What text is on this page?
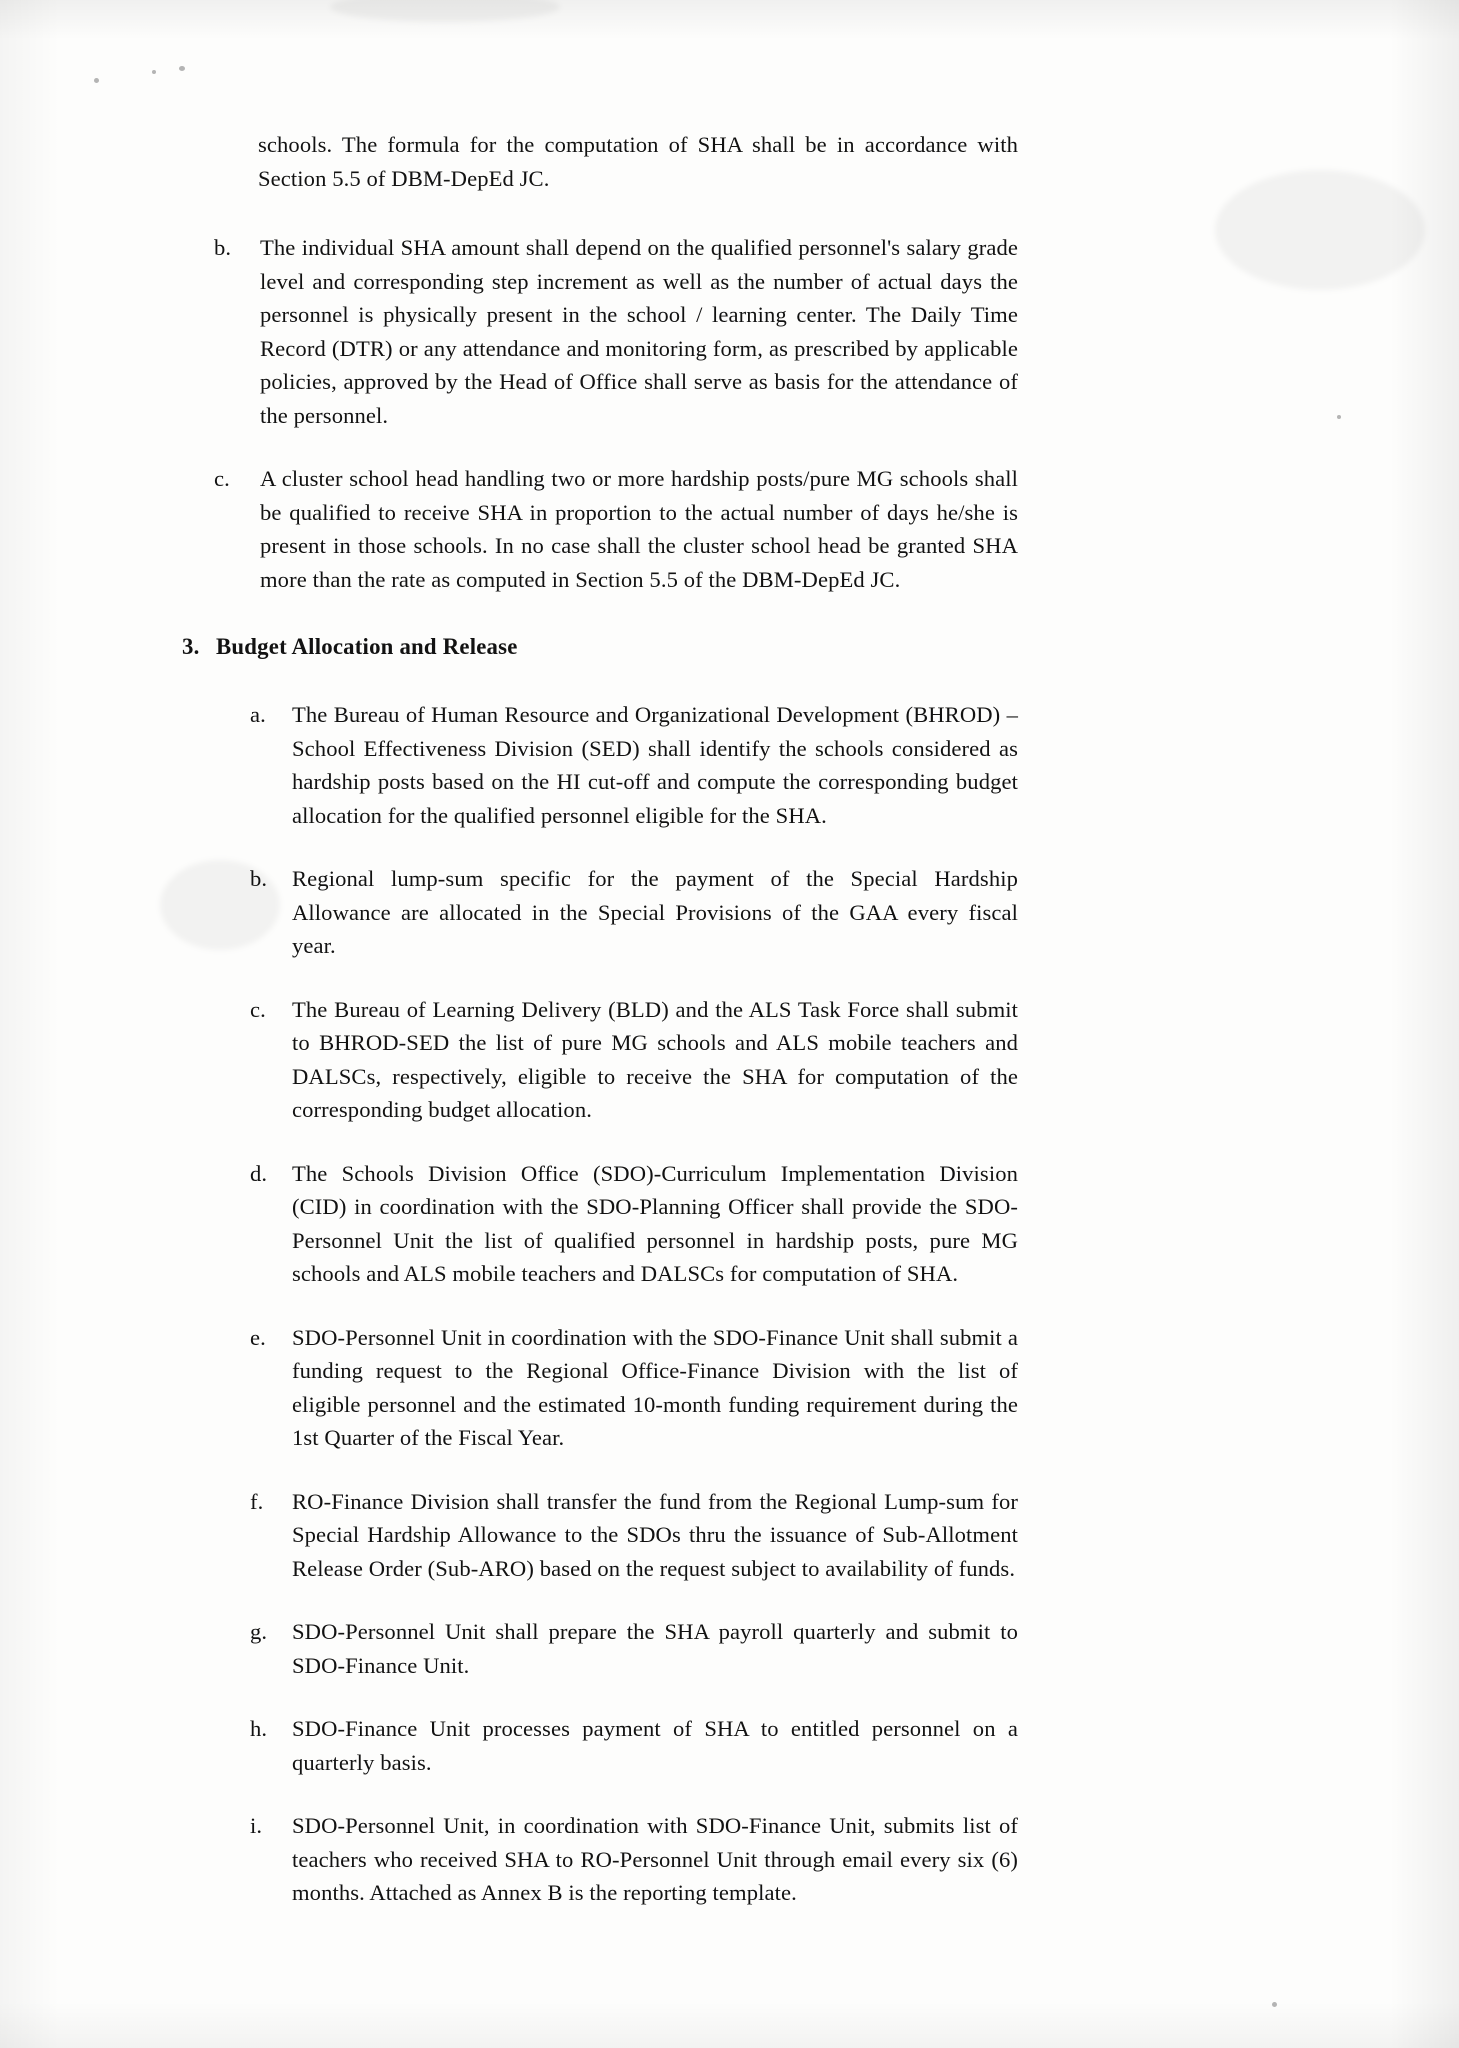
schools. The formula for the computation of SHA shall be in accordance with Section 5.5 of DBM-DepEd JC.
b.	The individual SHA amount shall depend on the qualified personnel's salary grade level and corresponding step increment as well as the number of actual days the personnel is physically present in the school / learning center. The Daily Time Record (DTR) or any attendance and monitoring form, as prescribed by applicable policies, approved by the Head of Office shall serve as basis for the attendance of the personnel.
c.	A cluster school head handling two or more hardship posts/pure MG schools shall be qualified to receive SHA in proportion to the actual number of days he/she is present in those schools. In no case shall the cluster school head be granted SHA more than the rate as computed in Section 5.5 of the DBM-DepEd JC.
3. Budget Allocation and Release
a.	The Bureau of Human Resource and Organizational Development (BHROD) – School Effectiveness Division (SED) shall identify the schools considered as hardship posts based on the HI cut-off and compute the corresponding budget allocation for the qualified personnel eligible for the SHA.
b.	Regional lump-sum specific for the payment of the Special Hardship Allowance are allocated in the Special Provisions of the GAA every fiscal year.
c.	The Bureau of Learning Delivery (BLD) and the ALS Task Force shall submit to BHROD-SED the list of pure MG schools and ALS mobile teachers and DALSCs, respectively, eligible to receive the SHA for computation of the corresponding budget allocation.
d.	The Schools Division Office (SDO)-Curriculum Implementation Division (CID) in coordination with the SDO-Planning Officer shall provide the SDO-Personnel Unit the list of qualified personnel in hardship posts, pure MG schools and ALS mobile teachers and DALSCs for computation of SHA.
e.	SDO-Personnel Unit in coordination with the SDO-Finance Unit shall submit a funding request to the Regional Office-Finance Division with the list of eligible personnel and the estimated 10-month funding requirement during the 1st Quarter of the Fiscal Year.
f.	RO-Finance Division shall transfer the fund from the Regional Lump-sum for Special Hardship Allowance to the SDOs thru the issuance of Sub-Allotment Release Order (Sub-ARO) based on the request subject to availability of funds.
g.	SDO-Personnel Unit shall prepare the SHA payroll quarterly and submit to SDO-Finance Unit.
h.	SDO-Finance Unit processes payment of SHA to entitled personnel on a quarterly basis.
i.	SDO-Personnel Unit, in coordination with SDO-Finance Unit, submits list of teachers who received SHA to RO-Personnel Unit through email every six (6) months. Attached as Annex B is the reporting template.
